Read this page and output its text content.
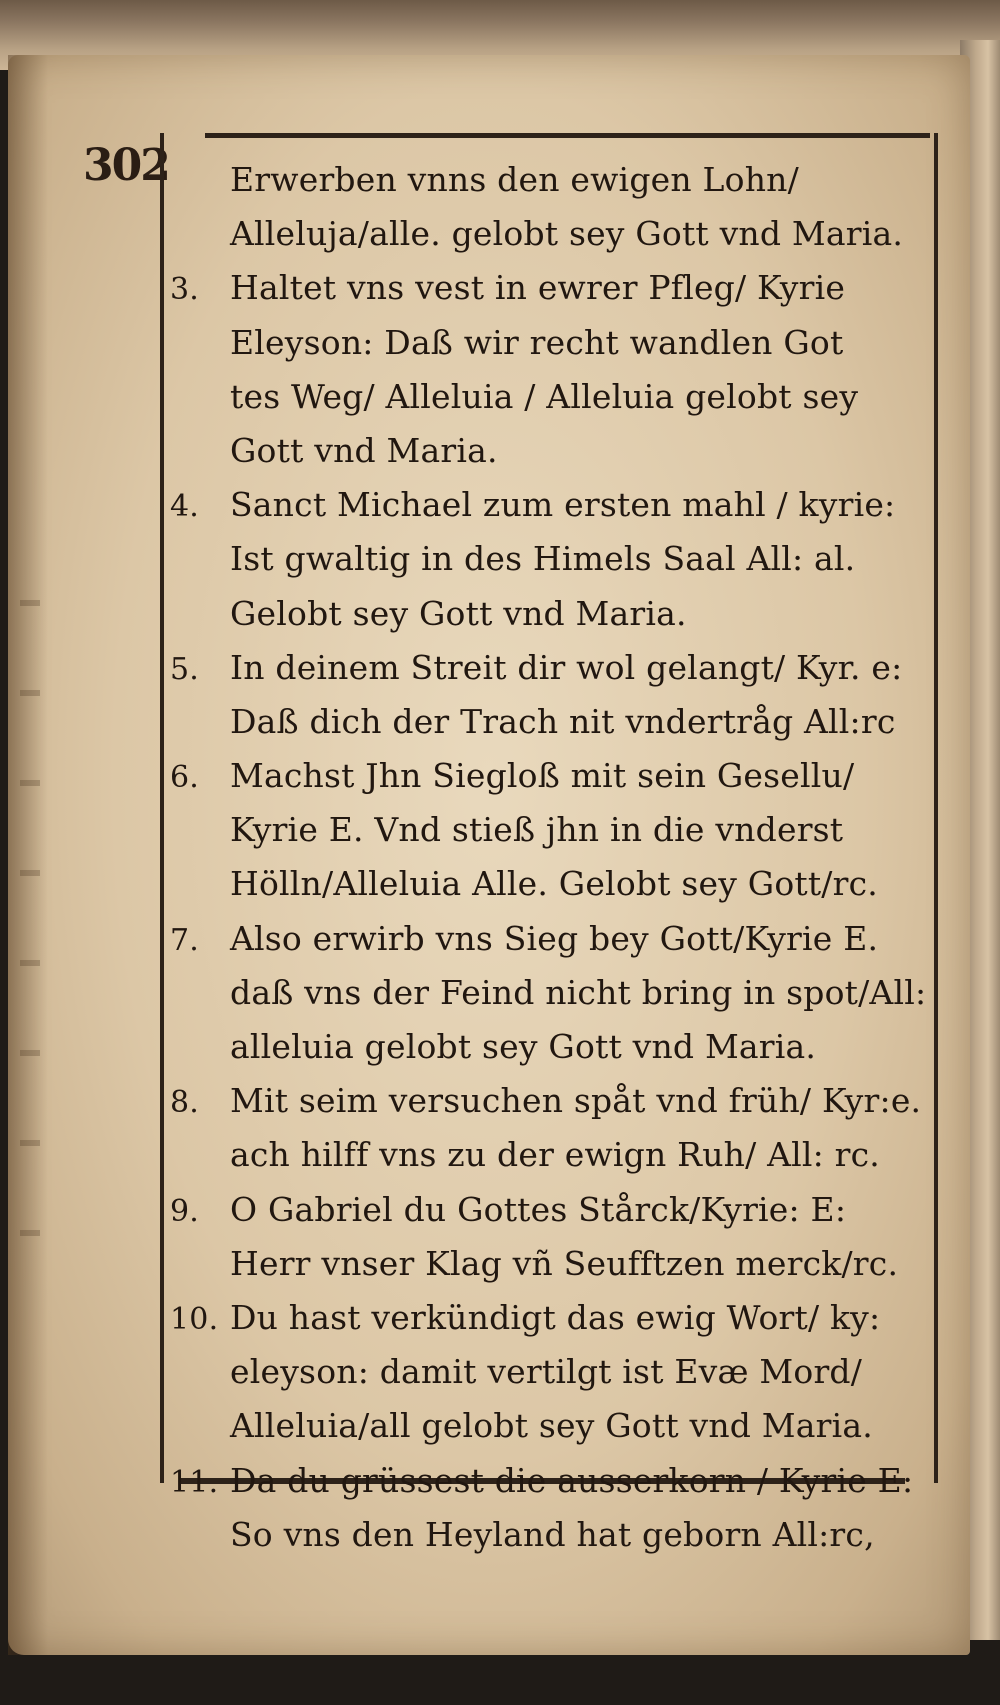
302	Erwerben vnns den ewigen Lohn/
Alleluja/alle. gelobt sey Gott vnd Maria.
3. Haltet vns vest in ewrer Pfleg/ Kyrie
Eleyson: Daß wir recht wandlen Got
tes Weg/ Alleluia / Alleluia gelobt sey
Gott vnd Maria.
4. Sanct Michael zum ersten mahl / kyrie:
Ist gwaltig in des Himels Saal All: al.
Gelobt sey Gott vnd Maria.
5. In deinem Streit dir wol gelangt/ Kyr. e:
Daß dich der Trach nit vndertråg All:rc
6. Machst Jhn Siegloß mit sein Gesellu/
Kyrie E. Vnd stieß jhn in die vnderst
Hölln/Alleluia Alle. Gelobt sey Gott/rc.
7. Also erwirb vns Sieg bey Gott/Kyrie E.
daß vns der Feind nicht bring in spot/All:
alleluia gelobt sey Gott vnd Maria.
8. Mit seim versuchen spåt vnd früh/ Kyr:e.
ach hilff vns zu der ewign Ruh/ All: rc.
9. O Gabriel du Gottes Stårck/Kyrie: E:
Herr vnser Klag vñ Seufftzen merck/rc.
10. Du hast verkündigt das ewig Wort/ ky:
eleyson: damit vertilgt ist Evæ Mord/
Alleluia/all gelobt sey Gott vnd Maria.
11. Da du grüssest die ausserkorn / Kyrie E:
So vns den Heyland hat geborn All:rc,
